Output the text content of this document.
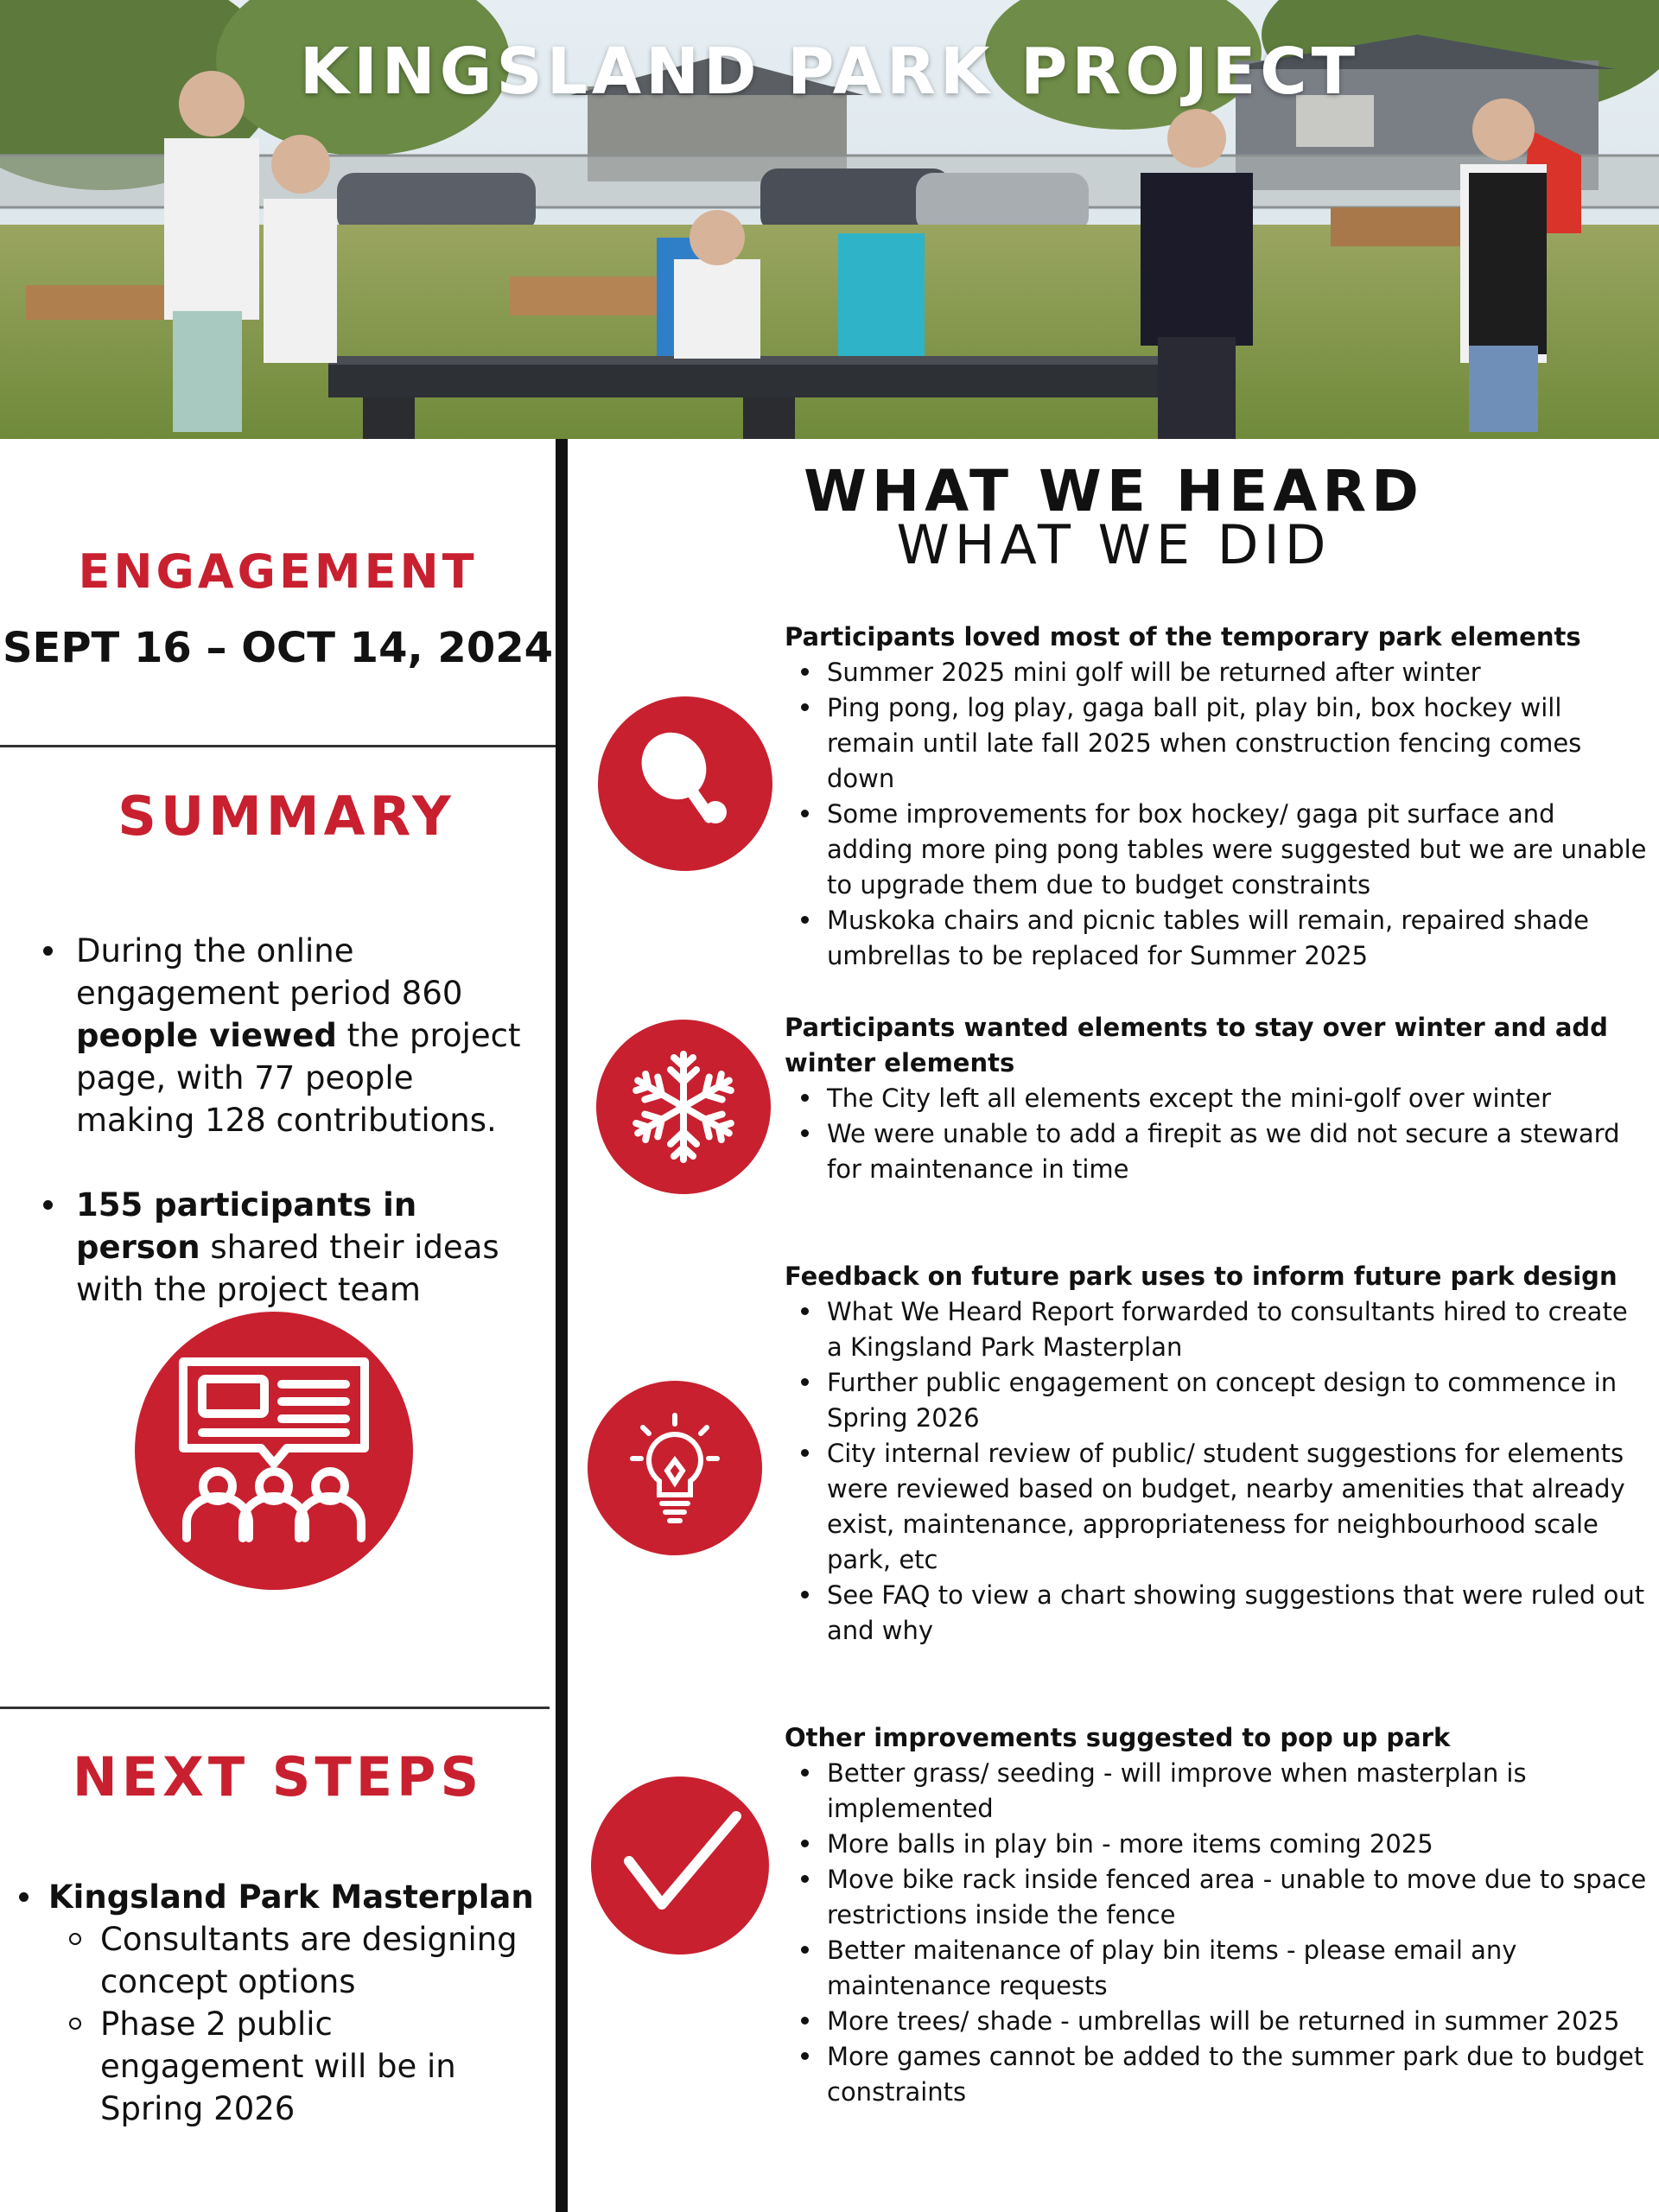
KINGSLAND PARK PROJECT
ENGAGEMENT
SEPT 16 – OCT 14, 2024
SUMMARY
During the online engagement period 860 people viewed the project page, with 77 people making 128 contributions.
155 participants in person shared their ideas with the project team
NEXT STEPS
Kingsland Park Masterplan
Consultants are designing concept options
Phase 2 public engagement will be in Spring 2026
WHAT WE HEARD
WHAT WE DID
Participants loved most of the temporary park elements
Summer 2025 mini golf will be returned after winter
Ping pong, log play, gaga ball pit, play bin, box hockey will remain until late fall 2025 when construction fencing comes down
Some improvements for box hockey/ gaga pit surface and adding more ping pong tables were suggested but we are unable to upgrade them due to budget constraints
Muskoka chairs and picnic tables will remain, repaired shade umbrellas to be replaced for Summer 2025
Participants wanted elements to stay over winter and add winter elements
The City left all elements except the mini-golf over winter
We were unable to add a firepit as we did not secure a steward for maintenance in time
Feedback on future park uses to inform future park design
What We Heard Report forwarded to consultants hired to create a Kingsland Park Masterplan
Further public engagement on concept design to commence in Spring 2026
City internal review of public/ student suggestions for elements were reviewed based on budget, nearby amenities that already exist, maintenance, appropriateness for neighbourhood scale park, etc
See FAQ to view a chart showing suggestions that were ruled out and why
Other improvements suggested to pop up park
Better grass/ seeding - will improve when masterplan is implemented
More balls in play bin - more items coming 2025
Move bike rack inside fenced area - unable to move due to space restrictions inside the fence
Better maitenance of play bin items - please email any maintenance requests
More trees/ shade - umbrellas will be returned in summer 2025
More games cannot be added to the summer park due to budget constraints
